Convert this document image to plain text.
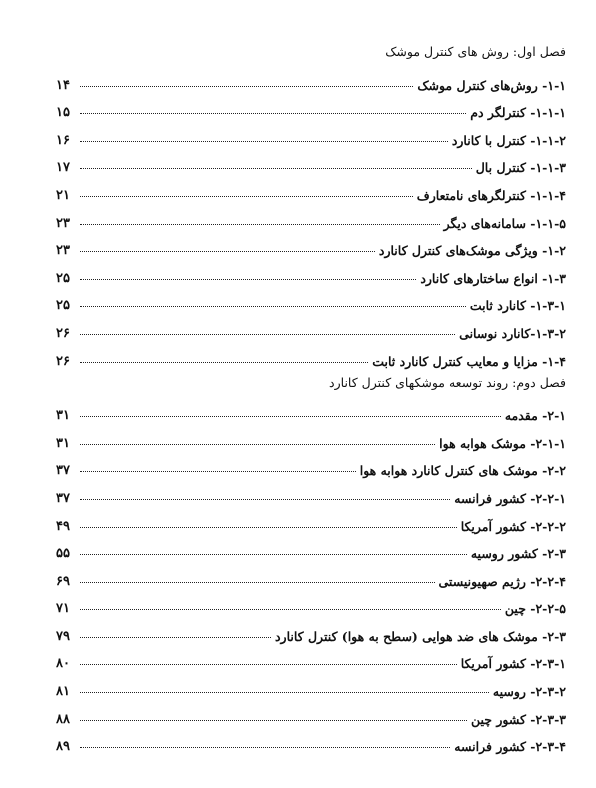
فصل اول: روش های کنترل موشک
۱-۱- روش‌های کنترل موشک
۱۴
۱-۱-۱- کنترلگر دم
۱۵
۱-۱-۲- کنترل با کانارد
۱۶
۱-۱-۳- کنترل بال
۱۷
۱-۱-۴- کنترلگرهای نامتعارف
۲۱
۱-۱-۵- سامانه‌های دیگر
۲۳
۱-۲- ویژگی موشک‌های کنترل کانارد
۲۳
۱-۳- انواع ساختارهای کانارد
۲۵
۱-۳-۱- کانارد ثابت
۲۵
۱-۳-۲-کانارد نوسانی
۲۶
۱-۴- مزایا و معایب کنترل کانارد ثابت
۲۶
فصل دوم: روند توسعه موشکهای کنترل کانارد
۲-۱- مقدمه
۳۱
۲-۱-۱- موشک هوابه هوا
۳۱
۲-۲- موشک های کنترل کانارد هوابه هوا
۳۷
۲-۲-۱- کشور فرانسه
۳۷
۲-۲-۲- کشور آمریکا
۴۹
۲-۳- کشور روسیه
۵۵
۲-۲-۴- رژیم صهیونیستی
۶۹
۲-۲-۵- چین
۷۱
۲-۳- موشک های ضد هوایی (سطح به هوا) کنترل کانارد
۷۹
۲-۳-۱- کشور آمریکا
۸۰
۲-۳-۲- روسیه
۸۱
۲-۳-۳- کشور چین
۸۸
۲-۳-۴- کشور فرانسه
۸۹
